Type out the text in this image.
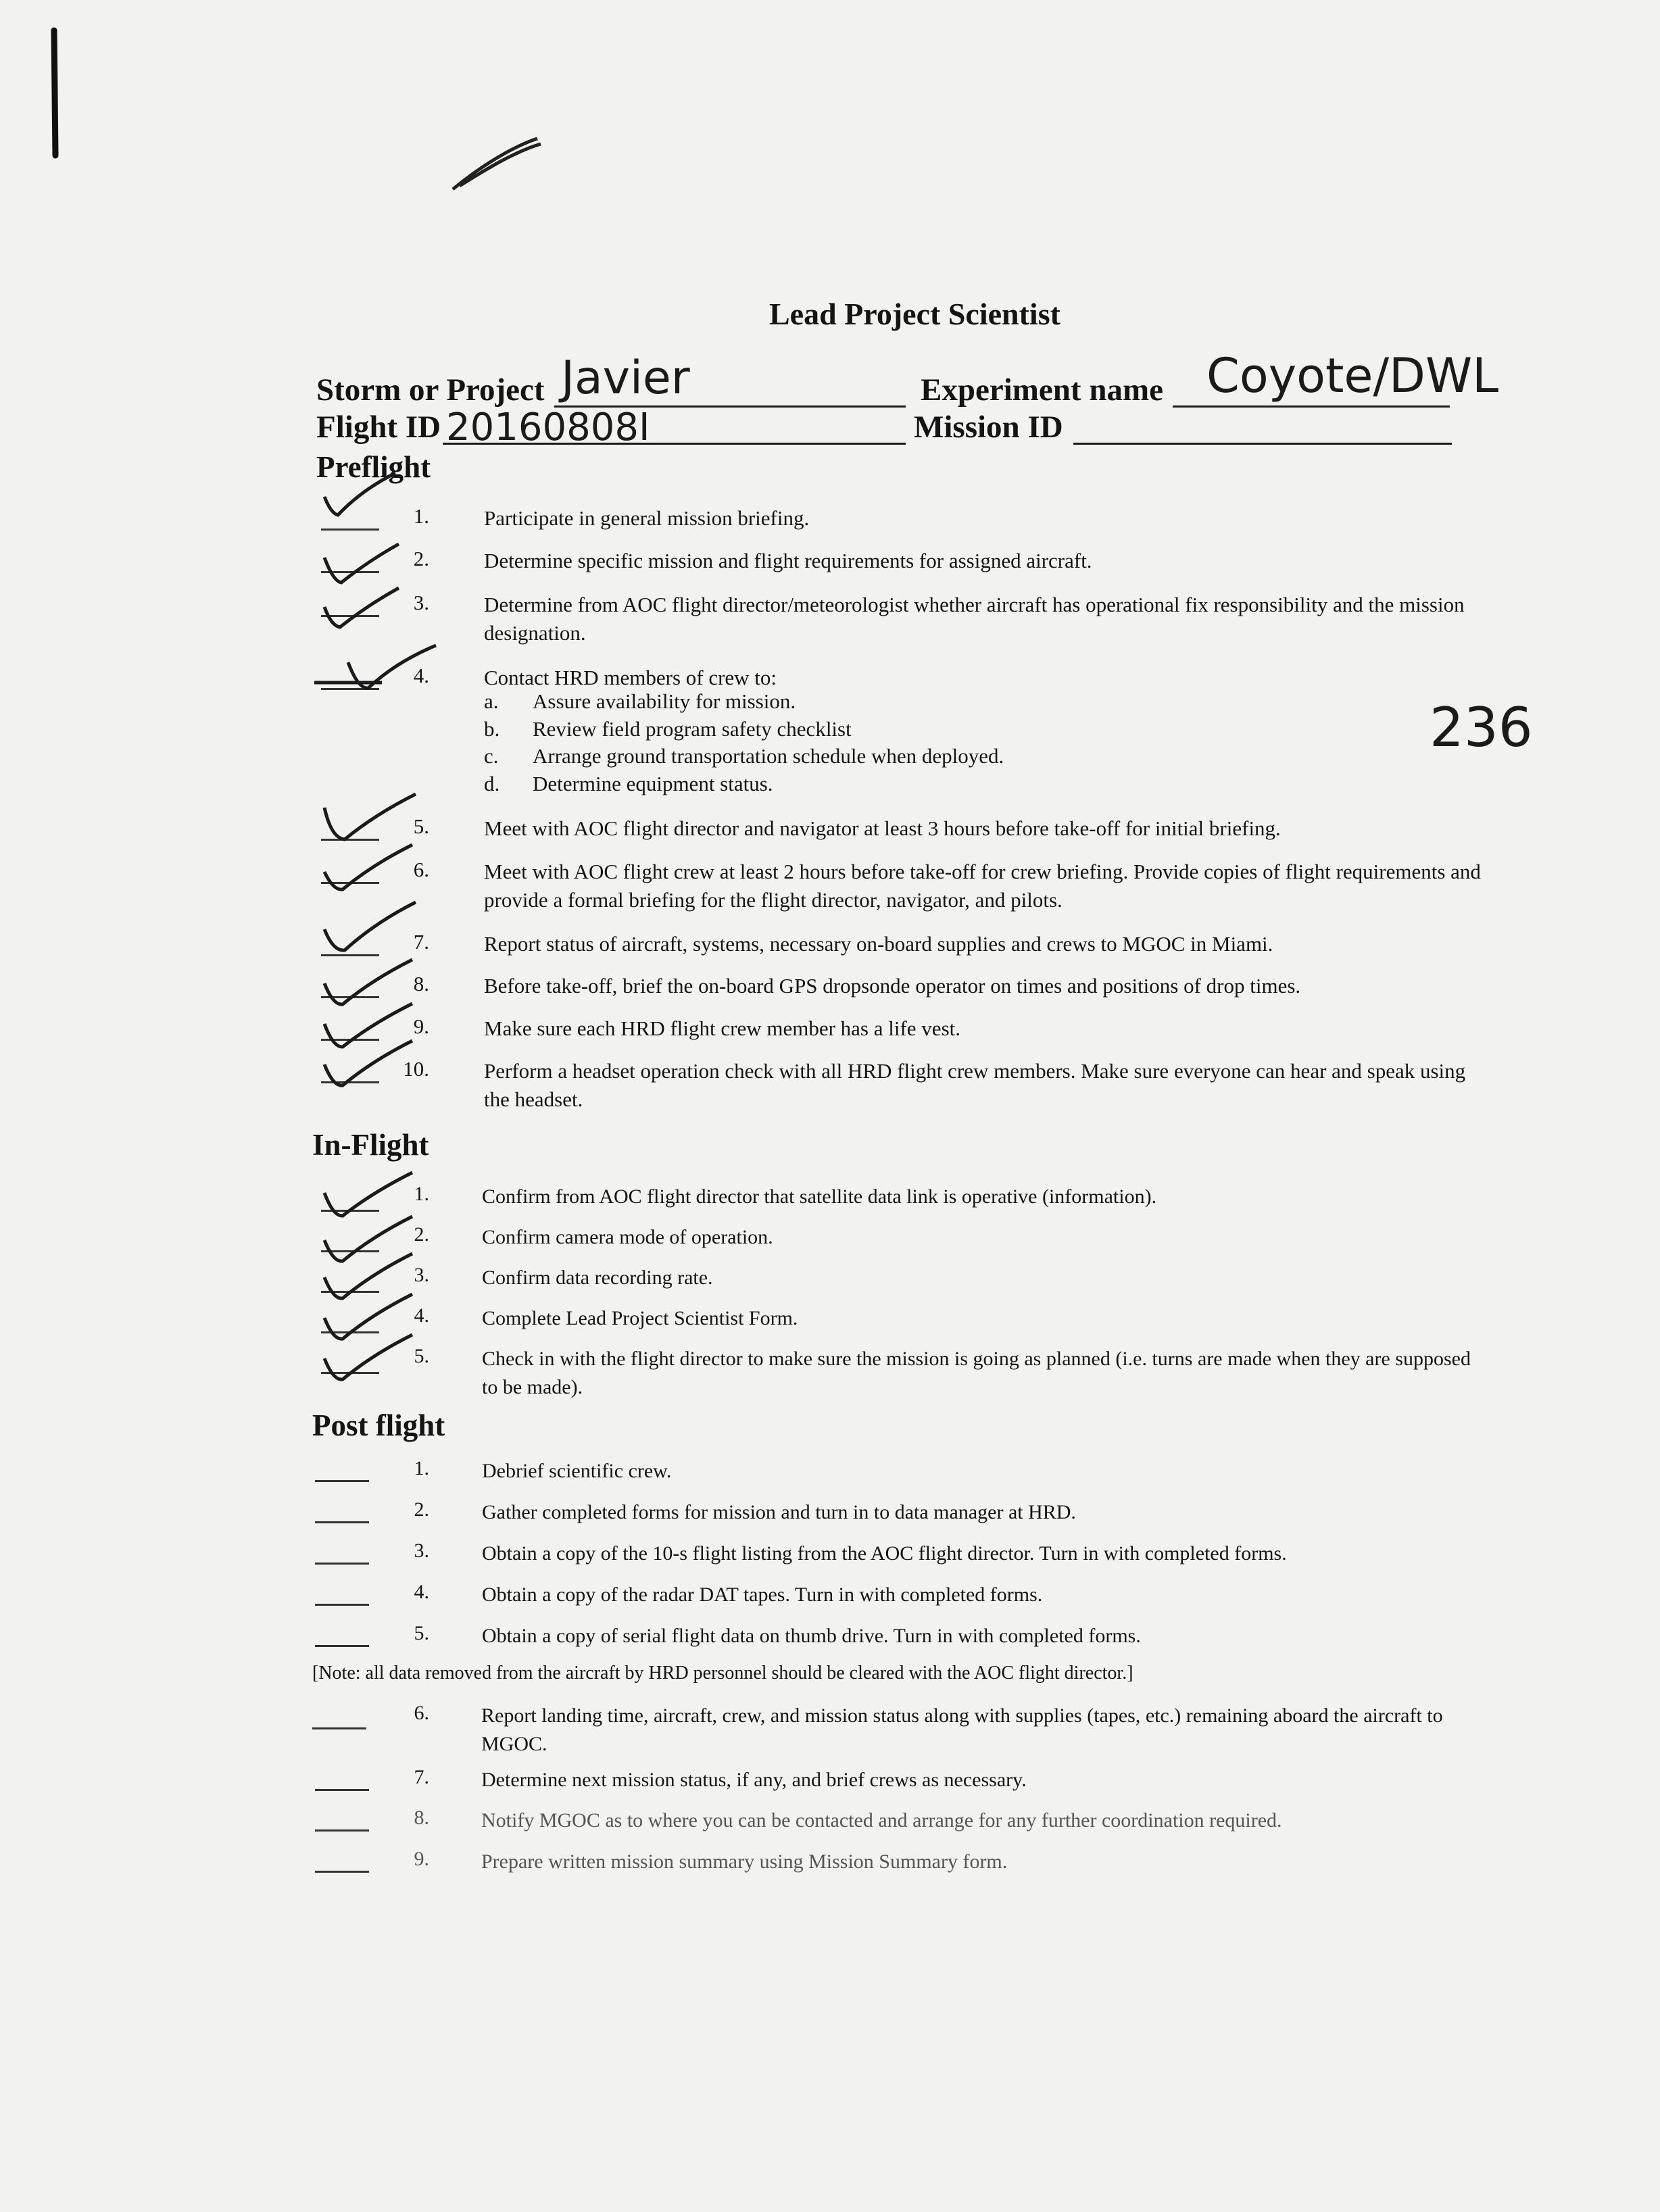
Lead Project Scientist
Storm or Project Javier	Experiment name Coyote/DWL
Flight ID 20160808I	Mission ID
236
Preflight
1.	Participate in general mission briefing.
2.	Determine specific mission and flight requirements for assigned aircraft.
3.	Determine from AOC flight director/meteorologist whether aircraft has operational fix responsibility and the mission designation.
4.	Contact HRD members of crew to:
a. Assure availability for mission.
b. Review field program safety checklist
c. Arrange ground transportation schedule when deployed.
d. Determine equipment status.
5.	Meet with AOC flight director and navigator at least 3 hours before take-off for initial briefing.
6.	Meet with AOC flight crew at least 2 hours before take-off for crew briefing. Provide copies of flight requirements and provide a formal briefing for the flight director, navigator, and pilots.
7.	Report status of aircraft, systems, necessary on-board supplies and crews to MGOC in Miami.
8.	Before take-off, brief the on-board GPS dropsonde operator on times and positions of drop times.
9.	Make sure each HRD flight crew member has a life vest.
10.	Perform a headset operation check with all HRD flight crew members. Make sure everyone can hear and speak using the headset.
In-Flight
1.	Confirm from AOC flight director that satellite data link is operative (information).
2.	Confirm camera mode of operation.
3.	Confirm data recording rate.
4.	Complete Lead Project Scientist Form.
5.	Check in with the flight director to make sure the mission is going as planned (i.e. turns are made when they are supposed to be made).
Post flight
1.	Debrief scientific crew.
2.	Gather completed forms for mission and turn in to data manager at HRD.
3.	Obtain a copy of the 10-s flight listing from the AOC flight director. Turn in with completed forms.
4.	Obtain a copy of the radar DAT tapes. Turn in with completed forms.
5.	Obtain a copy of serial flight data on thumb drive. Turn in with completed forms.
[Note: all data removed from the aircraft by HRD personnel should be cleared with the AOC flight director.]
6.	Report landing time, aircraft, crew, and mission status along with supplies (tapes, etc.) remaining aboard the aircraft to MGOC.
7.	Determine next mission status, if any, and brief crews as necessary.
8.	Notify MGOC as to where you can be contacted and arrange for any further coordination required.
9.	Prepare written mission summary using Mission Summary form.
